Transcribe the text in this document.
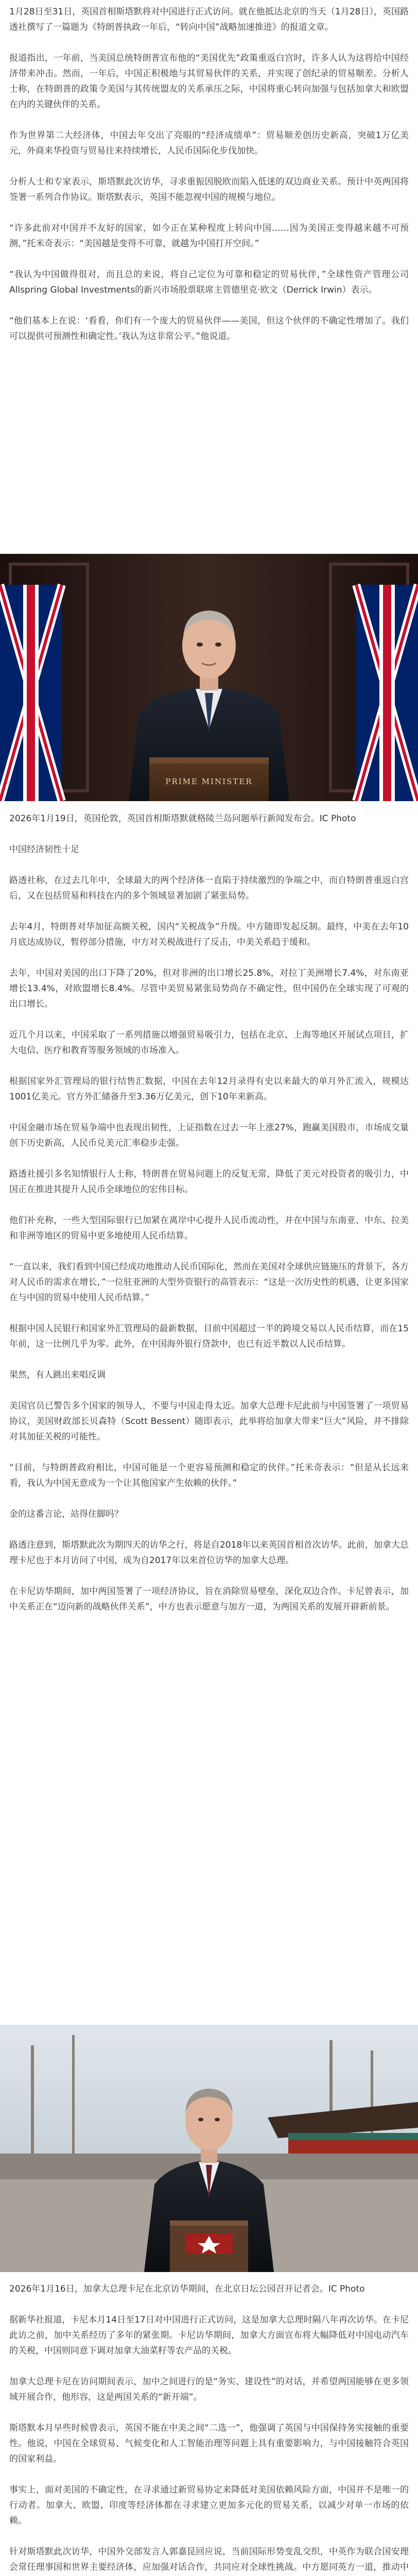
1月28日至31日，英国首相斯塔默将对中国进行正式访问。就在他抵达北京的当天（1月28日），英国路透社撰写了一篇题为《特朗普执政一年后，“转向中国”战略加速推进》的报道文章。

报道指出，一年前，当美国总统特朗普宣布他的“美国优先”政策重返白宫时，许多人认为这将给中国经济带来冲击。然而，一年后，中国正积极地与其贸易伙伴的关系，并实现了创纪录的贸易顺差。分析人士称，在特朗普的政策令美国与其传统盟友的关系承压之际，中国将重心转向加强与包括加拿大和欧盟在内的关键伙伴的关系。

作为世界第二大经济体，中国去年交出了亮眼的“经济成绩单”：贸易顺差创历史新高，突破1万亿美元，外商来华投资与贸易往来持续增长，人民币国际化步伐加快。

分析人士和专家表示，斯塔默此次访华，寻求重振因脱欧而陷入低迷的双边商业关系。预计中英两国将签署一系列合作协议。斯塔默表示，英国不能忽视中国的规模与地位。

“许多此前对中国并不友好的国家，如今正在某种程度上转向中国……因为美国正变得越来越不可预测，”托米奇表示：“美国越是变得不可靠，就越为中国打开空间。”

“我认为中国做得很对，而且总的来说，将自己定位为可靠和稳定的贸易伙伴，”全球性资产管理公司Allspring Global Investments的新兴市场股票联席主管德里克·欧文（Derrick Irwin）表示。

“他们基本上在说：‘看看，你们有一个庞大的贸易伙伴——美国，但这个伙伴的不确定性增加了。我们可以提供可预测性和确定性。’我认为这非常公平。”他说道。

PRIME MINISTER

2026年1月19日，英国伦敦，英国首相斯塔默就格陵兰岛问题举行新闻发布会。IC Photo

中国经济韧性十足

路透社称，在过去几年中，全球最大的两个经济体一直陷于持续激烈的争端之中，而自特朗普重返白宫后，又在包括贸易和科技在内的多个领域显著加剧了紧张局势。

去年4月，特朗普对华加征高额关税，国内“关税战争”升级。中方随即发起反制。最终，中美在去年10月底达成协议，暂停部分措施，中方对关税战进行了反击，中美关系趋于缓和。

去年，中国对美国的出口下降了20%，但对非洲的出口增长25.8%，对拉丁美洲增长7.4%，对东南亚增长13.4%，对欧盟增长8.4%。尽管中美贸易紧张局势尚存不确定性，但中国仍在全球实现了可观的出口增长。

近几个月以来，中国采取了一系列措施以增强贸易吸引力，包括在北京、上海等地区开展试点项目，扩大电信、医疗和教育等服务领域的市场准入。

根据国家外汇管理局的银行结售汇数据，中国在去年12月录得有史以来最大的单月外汇流入，规模达1001亿美元。官方外汇储备升至3.36万亿美元，创下10年来新高。

中国金融市场在贸易争端中也表现出韧性，上证指数在过去一年上涨27%，跑赢美国股市，市场成交量创下历史新高，人民币兑美元汇率稳步走强。

路透社援引多名知情银行人士称，特朗普在贸易问题上的反复无常，降低了美元对投资者的吸引力，中国正在推进其提升人民币全球地位的宏伟目标。

他们补充称，一些大型国际银行已加紧在离岸中心提升人民币流动性，并在中国与东南亚、中东、拉美和非洲等地区的贸易中更多地使用人民币结算。

“一直以来，我们看到中国已经成功地推动人民币国际化，然而在美国对全球供应链施压的背景下，各方对人民币的需求在增长，”一位驻亚洲的大型外资银行的高管表示：“这是一次历史性的机遇，让更多国家在与中国的贸易中使用人民币结算。”

根据中国人民银行和国家外汇管理局的最新数据，目前中国超过一半的跨境交易以人民币结算，而在15年前，这一比例几乎为零。此外，在中国海外银行贷款中，也已有近半数以人民币结算。

果然，有人跳出来唱反调

美国官员已警告多个国家的领导人，不要与中国走得太近。加拿大总理卡尼此前与中国签署了一项贸易协议，美国财政部长贝森特（Scott Bessent）随即表示，此举将给加拿大带来“巨大”风险，并不排除对其加征关税的可能性。

“目前，与特朗普政府相比，中国可能是一个更容易预测和稳定的伙伴。”托米奇表示：“但是从长远来看，我认为中国无意成为一个让其他国家产生依赖的伙伴。”

金的这番言论，站得住脚吗？

路透注意到，斯塔默此次为期四天的访华之行，将是自2018年以来英国首相首次访华。此前，加拿大总理卡尼也于本月访问了中国，成为自2017年以来首位访华的加拿大总理。

在卡尼访华期间，加中两国签署了一项经济协议，旨在消除贸易壁垒，深化双边合作。卡尼曾表示，加中关系正在“迈向新的战略伙伴关系”，中方也表示愿意与加方一道，为两国关系的发展开辟新前景。

2026年1月16日，加拿大总理卡尼在北京访华期间，在北京日坛公园召开记者会。IC Photo

据新华社报道，卡尼本月14日至17日对中国进行正式访问，这是加拿大总理时隔八年再次访华。在卡尼此访之前，加中关系经历了多年的紧张期。卡尼访华期间，加拿大方面宣布将大幅降低对中国电动汽车的关税，中国则同意下调对加拿大油菜籽等农产品的关税。

加拿大总理卡尼在访问期间表示，加中之间进行的是“务实、建设性”的对话，并希望两国能够在更多领域开展合作，他形容，这是两国关系的“新开端”。

斯塔默本月早些时候曾表示，英国不能在中美之间“二选一”，他强调了英国与中国保持务实接触的重要性。他说，中国在全球贸易、气候变化和人工智能治理等问题上具有重要影响力，与中国接触符合英国的国家利益。

事实上，面对美国的不确定性，在寻求通过新贸易协定来降低对美国依赖风险方面，中国并不是唯一的行动者。加拿大、欧盟、印度等经济体都在寻求建立更加多元化的贸易关系，以减少对单一市场的依赖。

针对斯塔默此次访华，中国外交部发言人郭嘉昆回应说，当前国际形势变乱交织，中英作为联合国安理会常任理事国和世界主要经济体，应加强对话合作，共同应对全球性挑战。中方愿同英方一道，推动中
